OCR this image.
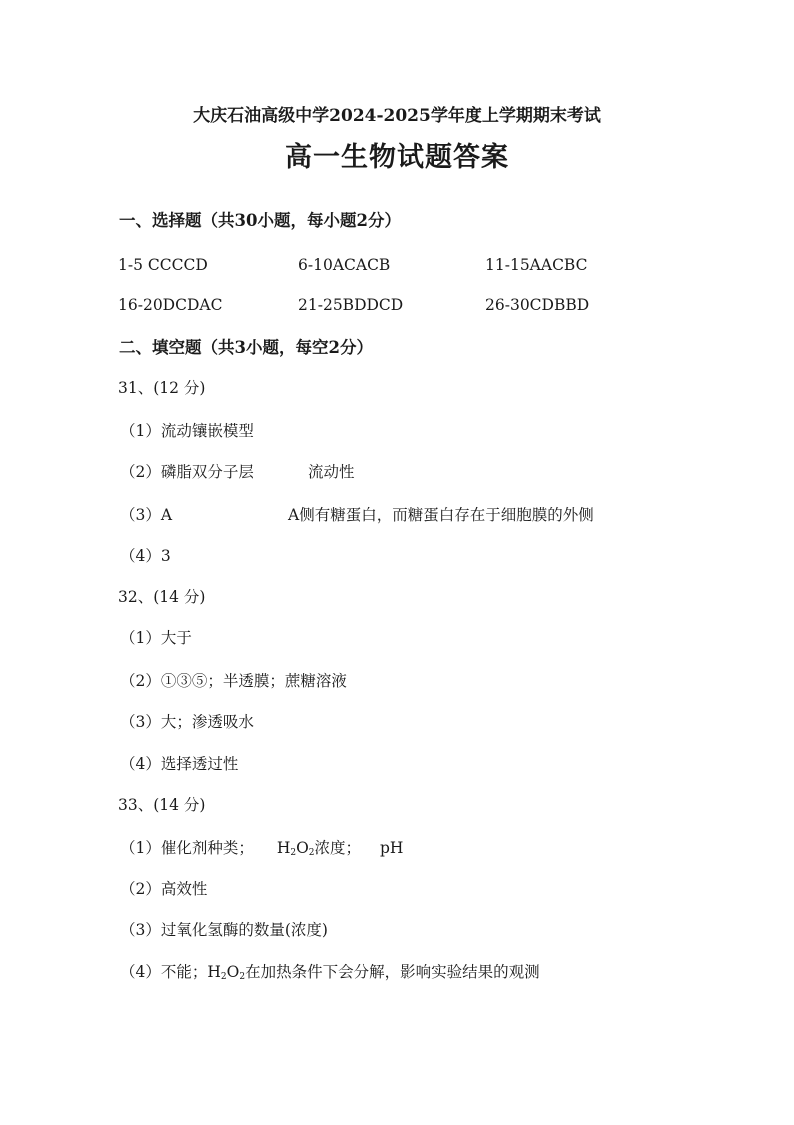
大庆石油高级中学2024-2025学年度上学期期末考试
高一生物试题答案
一、选择题（共30小题，每小题2分）
1-5 CCCCD	6-10ACACB	11-15AACBC
16-20DCDAC	21-25BDDCD	26-30CDBBD
二、填空题（共3小题，每空2分）
31、(12 分)
（1）流动镶嵌模型
（2）磷脂双分子层	流动性
（3）A	A侧有糖蛋白，而糖蛋白存在于细胞膜的外侧
（4）3
32、(14 分)
（1）大于
（2）①③⑤；半透膜；蔗糖溶液
（3）大；渗透吸水
（4）选择透过性
33、(14 分)
（1）催化剂种类； $H_2O_2$浓度； pH
（2）高效性
（3）过氧化氢酶的数量(浓度)
（4）不能；$H_2O_2$在加热条件下会分解，影响实验结果的观测
